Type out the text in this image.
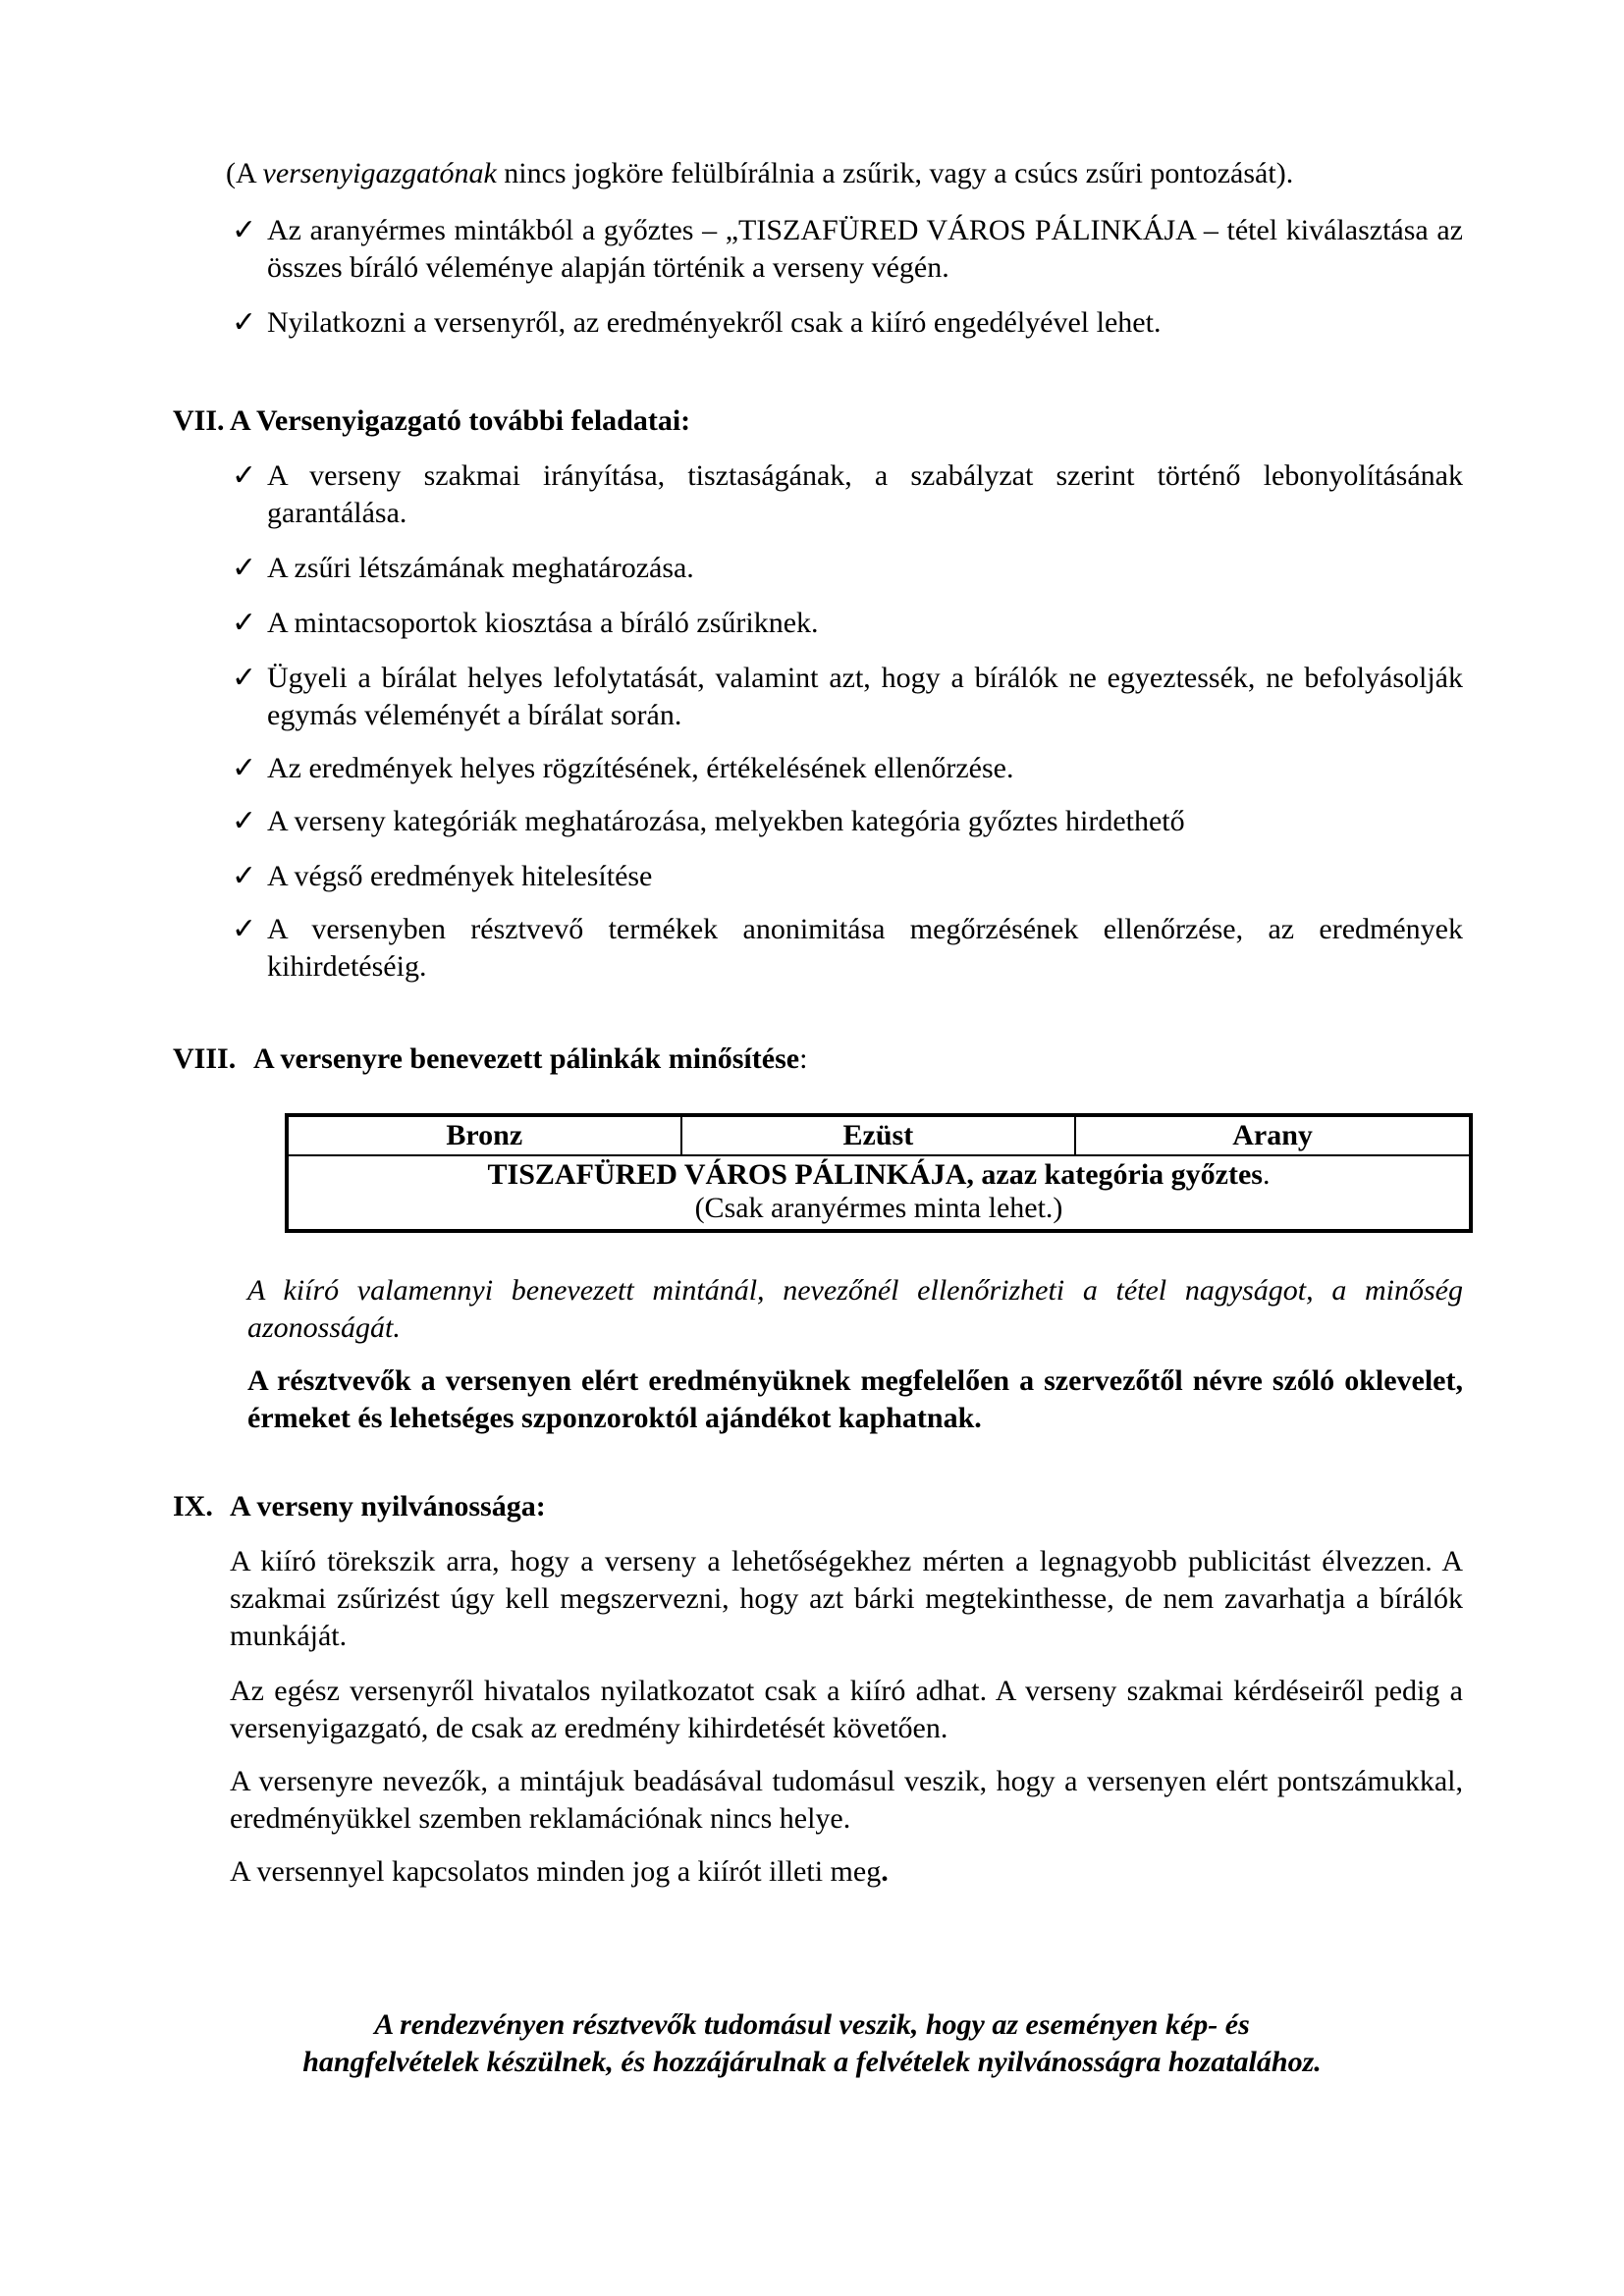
(A versenyigazgatónak nincs jogköre felülbírálnia a zsűrik, vagy a csúcs zsűri pontozását).

✓ Az aranyérmes mintákból a győztes – „TISZAFÜRED VÁROS PÁLINKÁJA – tétel kiválasztása az összes bíráló véleménye alapján történik a verseny végén.

✓ Nyilatkozni a versenyről, az eredményekről csak a kiíró engedélyével lehet.

VII. A Versenyigazgató további feladatai:
✓ A verseny szakmai irányítása, tisztaságának, a szabályzat szerint történő lebonyolításának garantálása.

✓ A zsűri létszámának meghatározása.

✓ A mintacsoportok kiosztása a bíráló zsűriknek.

✓ Ügyeli a bírálat helyes lefolytatását, valamint azt, hogy a bírálók ne egyeztessék, ne befolyásolják egymás véleményét a bírálat során.

✓ Az eredmények helyes rögzítésének, értékelésének ellenőrzése.

✓ A verseny kategóriák meghatározása, melyekben kategória győztes hirdethető

✓ A végső eredmények hitelesítése

✓ A versenyben résztvevő termékek anonimitása megőrzésének ellenőrzése, az eredmények kihirdetéséig.

VIII. A versenyre benevezett pálinkák minősítése:
Bronz	Ezüst	Arany

TISZAFÜRED VÁROS PÁLINKÁJA, azaz kategória győztes.
(Csak aranyérmes minta lehet.)

A kiíró valamennyi benevezett mintánál, nevezőnél ellenőrizheti a tétel nagyságot, a minőség azonosságát.

A résztvevők a versenyen elért eredményüknek megfelelően a szervezőtől névre szóló oklevelet, érmeket és lehetséges szponzoroktól ajándékot kaphatnak.

IX. A verseny nyilvánossága:

A kiíró törekszik arra, hogy a verseny a lehetőségekhez mérten a legnagyobb publicitást élvezzen. A szakmai zsűrizést úgy kell megszervezni, hogy azt bárki megtekinthesse, de nem zavarhatja a bírálók munkáját.

Az egész versenyről hivatalos nyilatkozatot csak a kiíró adhat. A verseny szakmai kérdéseiről pedig a versenyigazgató, de csak az eredmény kihirdetését követően.

A versenyre nevezők, a mintájuk beadásával tudomásul veszik, hogy a versenyen elért pontszámukkal, eredményükkel szemben reklamációnak nincs helye.

A versennyel kapcsolatos minden jog a kiírót illeti meg.

A rendezvényen résztvevők tudomásul veszik, hogy az eseményen kép- és
hangfelvételek készülnek, és hozzájárulnak a felvételek nyilvánosságra hozatalához.
